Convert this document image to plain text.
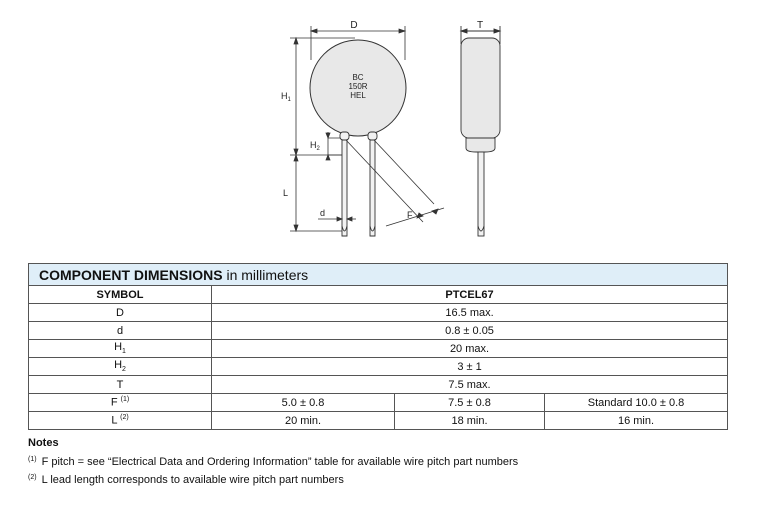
D
$H_1$
L
$H_2$
BC
150R
HEL
F
d
T
COMPONENT DIMENSIONS in millimeters			
SYMBOL	PTCEL67		
D	16.5 max.		
d	0.8 ± 0.05		
$H_1$	20 max.		
$H_2$	3 ± 1		
T	7.5 max.		
F $^{(1)}$	5.0 ± 0.8	7.5 ± 0.8	Standard 10.0 ± 0.8
L $^{(2)}$	20 min.	18 min.	16 min.
Notes
$^{(1)}$ F pitch = see “Electrical Data and Ordering Information” table for available wire pitch part numbers
$^{(2)}$ L lead length corresponds to available wire pitch part numbers
